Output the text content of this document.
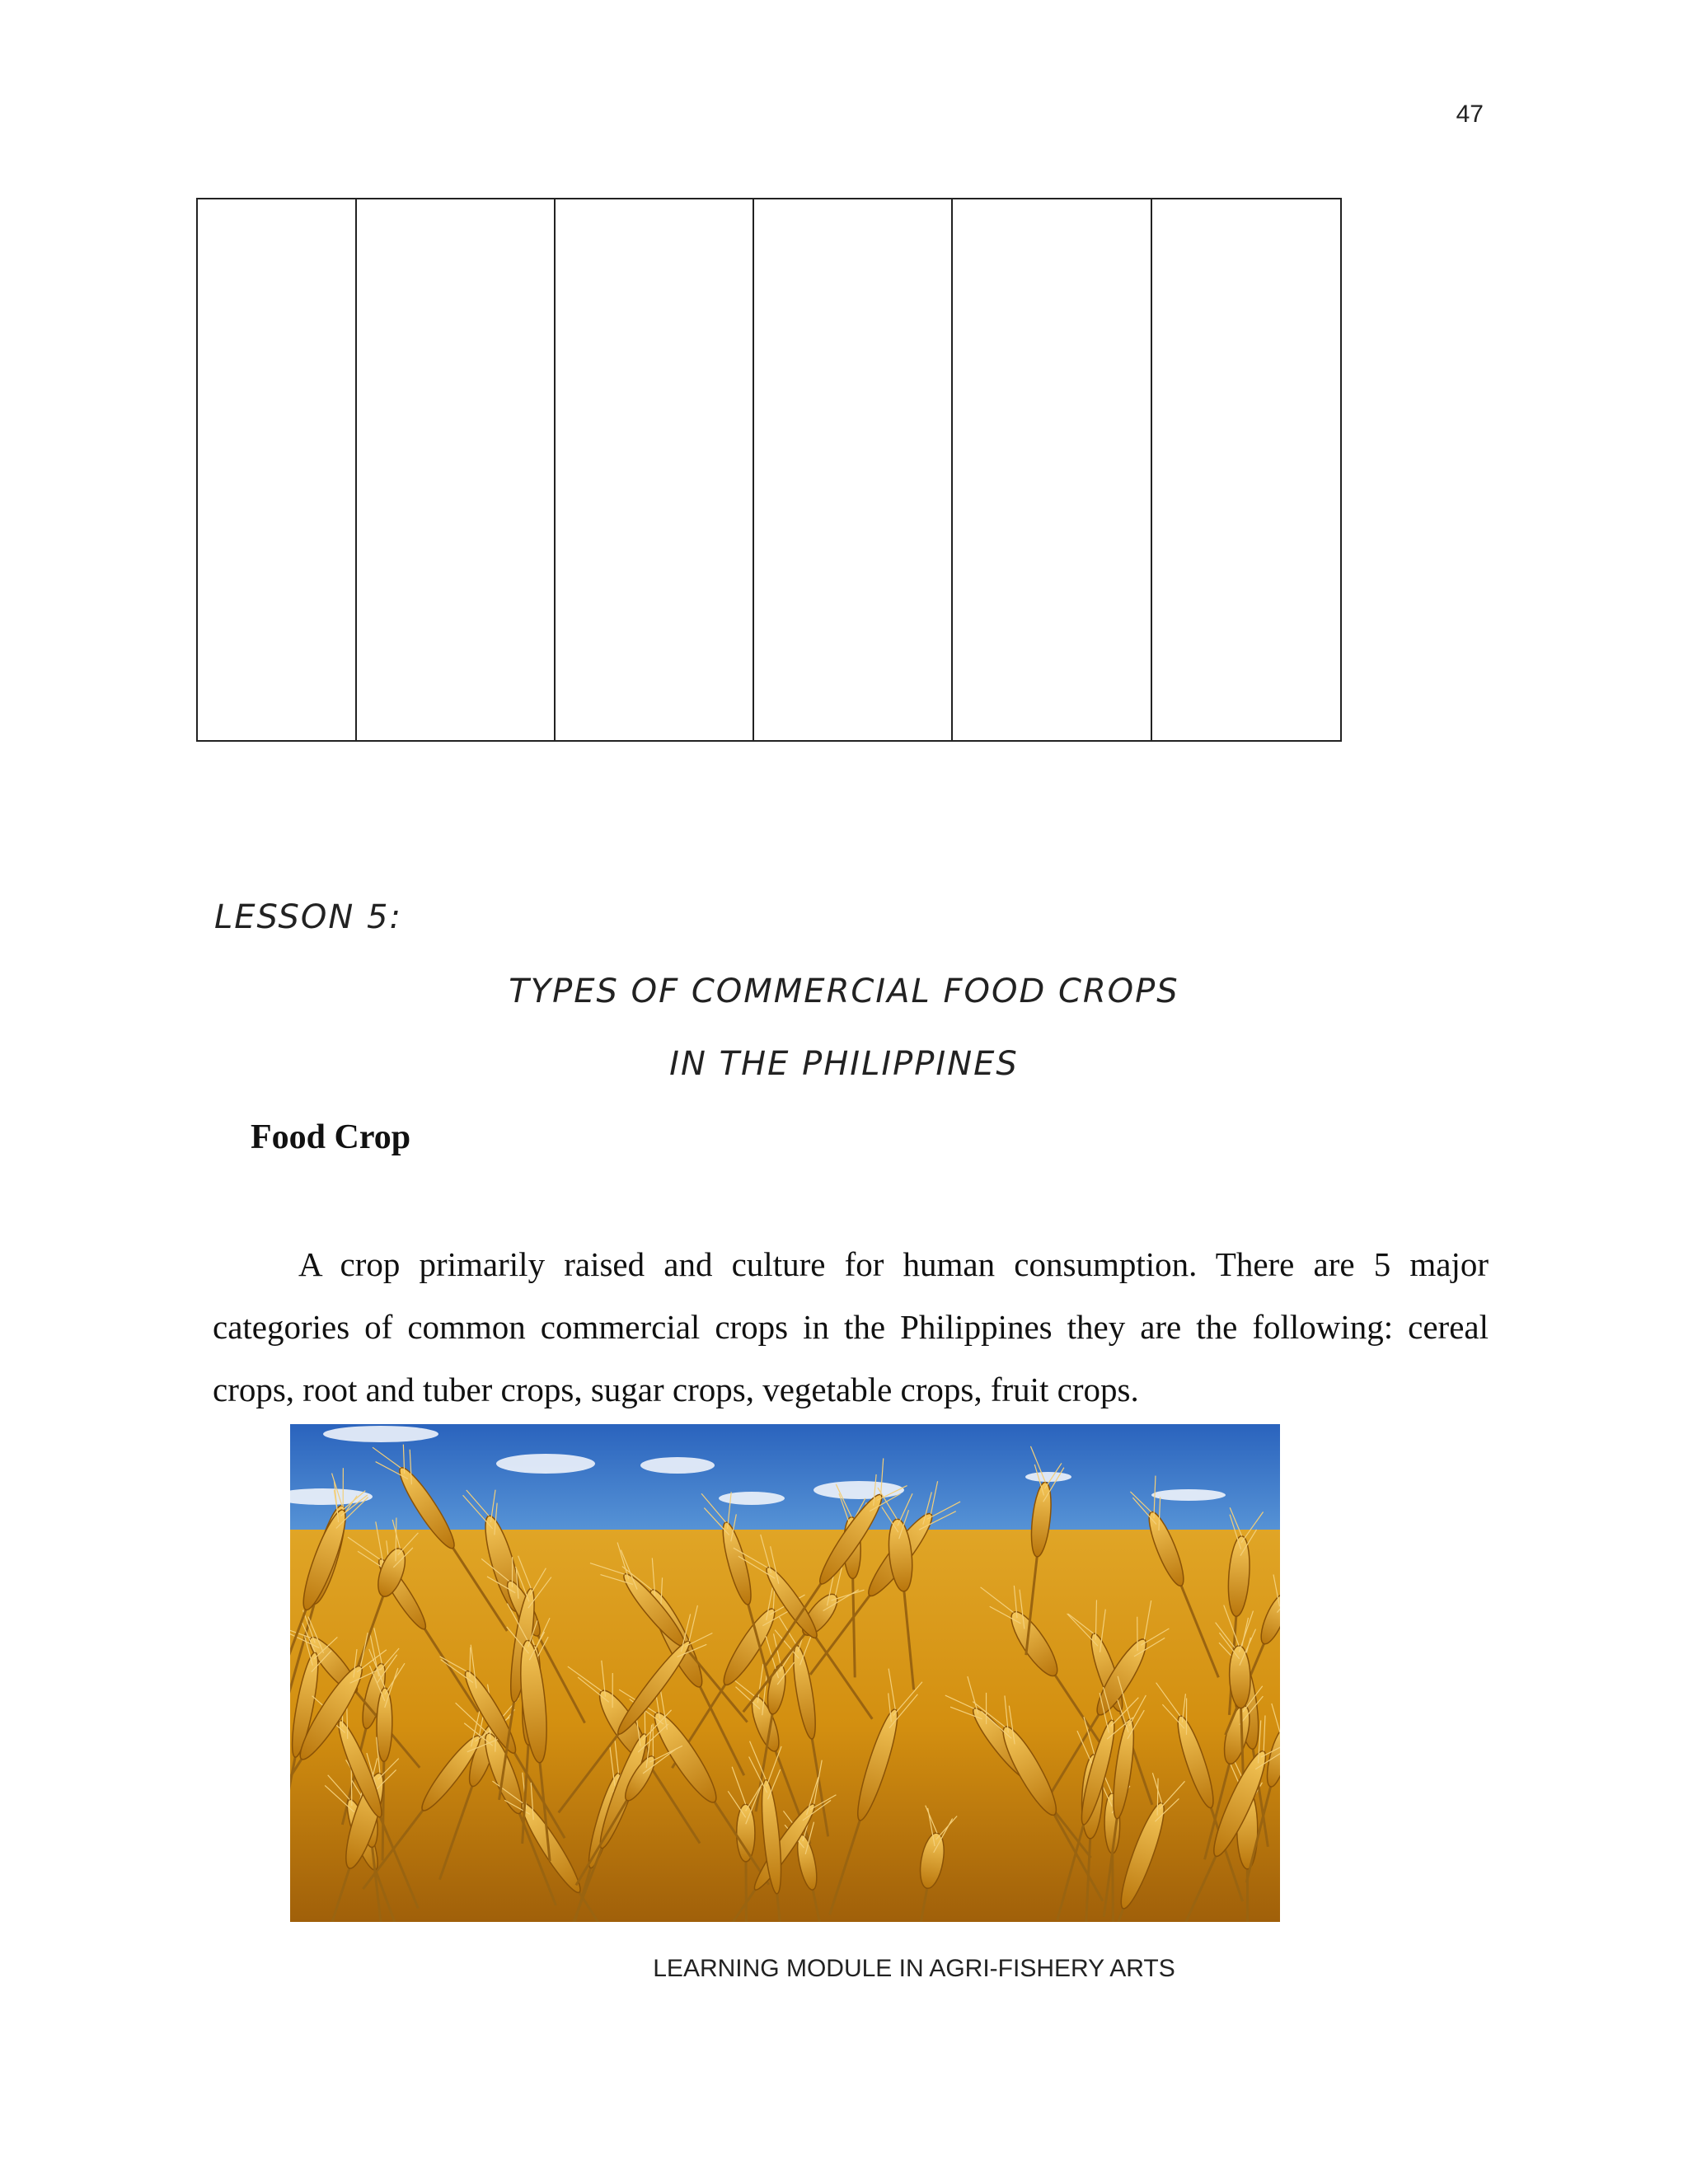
47

LESSON 5:
TYPES OF COMMERCIAL FOOD CROPS
IN THE PHILIPPINES
Food Crop
A crop primarily raised and culture for human consumption. There are 5 major categories of common commercial crops in the Philippines they are the following: cereal crops, root and tuber crops, sugar crops, vegetable crops, fruit crops.
LEARNING MODULE IN AGRI-FISHERY ARTS
